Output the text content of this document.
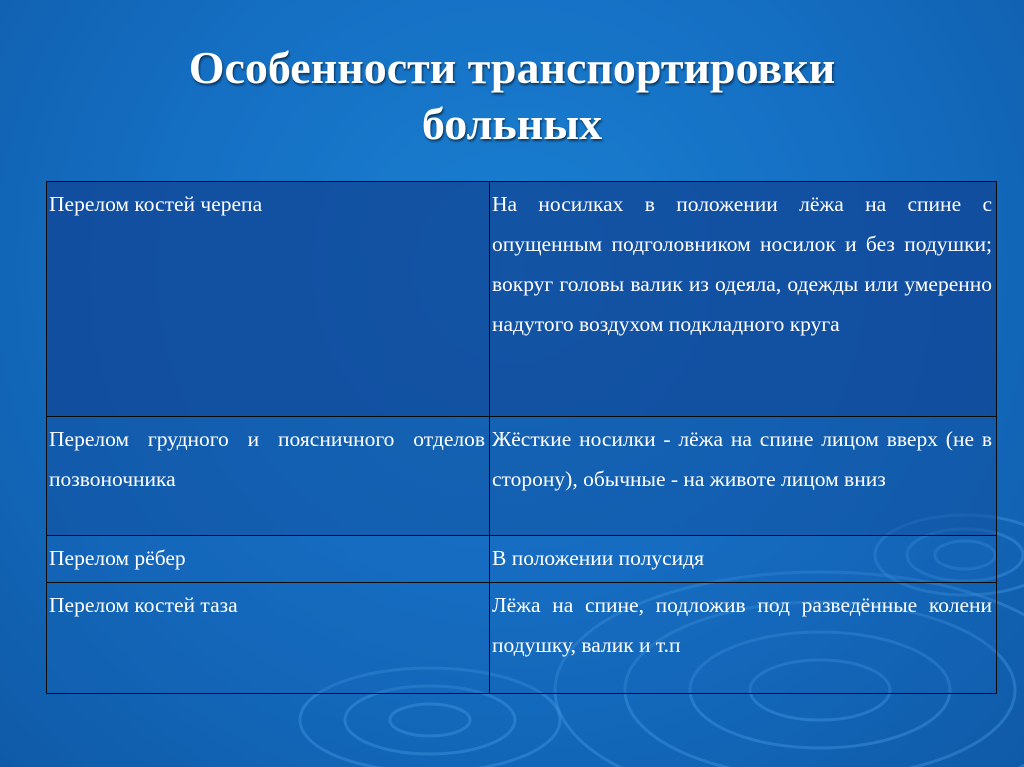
Особенности транспортировки
больных
Перелом костей черепа	На носилках в положении лёжа на спине с опущенным подголовником носилок и без подушки; вокруг головы валик из одеяла, одежды или умеренно надутого воздухом подкладного круга
Перелом грудного и поясничного отделов позвоночника	Жёсткие носилки - лёжа на спине лицом вверх (не в сторону), обычные - на животе лицом вниз
Перелом рёбер	В положении полусидя
Перелом костей таза	Лёжа на спине, подложив под разведённые колени подушку, валик и т.п
